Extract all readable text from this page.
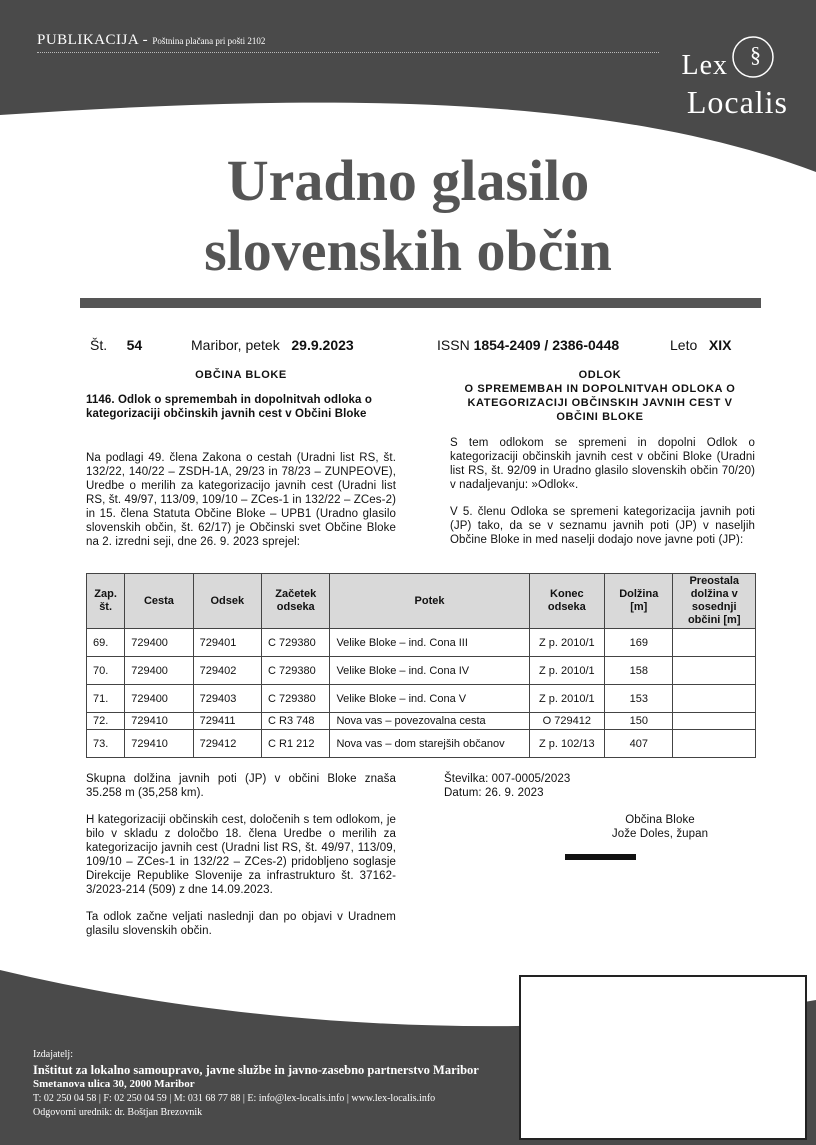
PUBLIKACIJA - Poštnina plačana pri pošti 2102
§
Lex
Localis
Uradno glasilo
slovenskih občin
Št. 54	Maribor, petek 29.9.2023	ISSN 1854-2409 / 2386-0448	Leto XIX
OBČINA BLOKE
1146. Odlok o spremembah in dopolnitvah odloka o kategorizaciji občinskih javnih cest v Občini Bloke
Na podlagi 49. člena Zakona o cestah (Uradni list RS, št. 132/22, 140/22 – ZSDH-1A, 29/23 in 78/23 – ZUNPEOVE), Uredbe o merilih za kategorizacijo javnih cest (Uradni list RS, št. 49/97, 113/09, 109/10 – ZCes-1 in 132/22 – ZCes-2) in 15. člena Statuta Občine Bloke – UPB1 (Uradno glasilo slovenskih občin, št. 62/17) je Občinski svet Občine Bloke na 2. izredni seji, dne 26. 9. 2023 sprejel:
ODLOK
O SPREMEMBAH IN DOPOLNITVAH ODLOKA O KATEGORIZACIJI OBČINSKIH JAVNIH CEST V OBČINI BLOKE
S tem odlokom se spremeni in dopolni Odlok o kategorizaciji občinskih javnih cest v občini Bloke (Uradni list RS, št. 92/09 in Uradno glasilo slovenskih občin 70/20) v nadaljevanju: »Odlok«.
V 5. členu Odloka se spremeni kategorizacija javnih poti (JP) tako, da se v seznamu javnih poti (JP) v naseljih Občine Bloke in med naselji dodajo nove javne poti (JP):
Zap. št.	Cesta	Odsek	Začetek odseka	Potek	Konec odseka	Dolžina [m]	Preostala dolžina v sosednji občini [m]
69.	729400	729401	C 729380	Velike Bloke – ind. Cona III	Z p. 2010/1	169	
70.	729400	729402	C 729380	Velike Bloke – ind. Cona IV	Z p. 2010/1	158	
71.	729400	729403	C 729380	Velike Bloke – ind. Cona V	Z p. 2010/1	153	
72.	729410	729411	C R3 748	Nova vas – povezovalna cesta	O 729412	150	
73.	729410	729412	C R1 212	Nova vas – dom starejših občanov	Z p. 102/13	407	
Skupna dolžina javnih poti (JP) v občini Bloke znaša 35.258 m (35,258 km).
H kategorizaciji občinskih cest, določenih s tem odlokom, je bilo v skladu z določbo 18. člena Uredbe o merilih za kategorizacijo javnih cest (Uradni list RS, št. 49/97, 113/09, 109/10 – ZCes-1 in 132/22 – ZCes-2) pridobljeno soglasje Direkcije Republike Slovenije za infrastrukturo št. 37162-3/2023-214 (509) z dne 14.09.2023.
Ta odlok začne veljati naslednji dan po objavi v Uradnem glasilu slovenskih občin.
Številka: 007-0005/2023
Datum: 26. 9. 2023
Občina Bloke
Jože Doles, župan
Izdajatelj:
Inštitut za lokalno samoupravo, javne službe in javno-zasebno partnerstvo Maribor
Smetanova ulica 30, 2000 Maribor
T: 02 250 04 58 | F: 02 250 04 59 | M: 031 68 77 88 | E: info@lex-localis.info | www.lex-localis.info
Odgovorni urednik: dr. Boštjan Brezovnik
